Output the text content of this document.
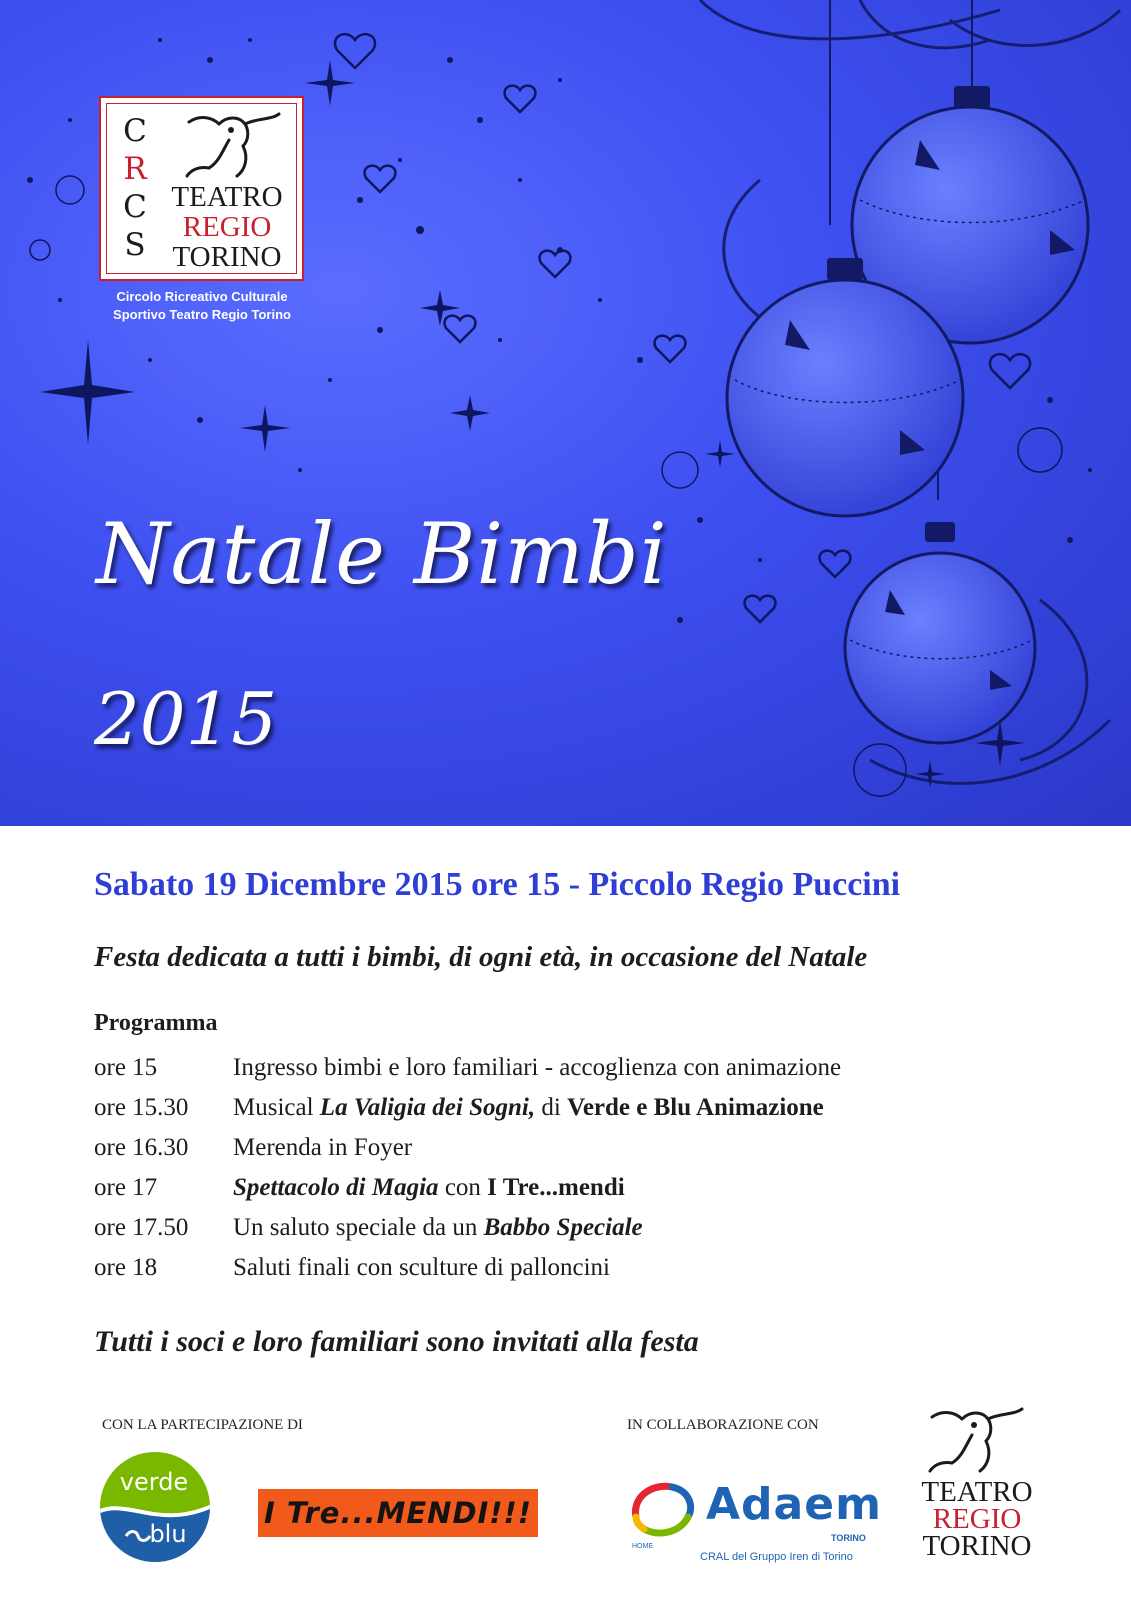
C
R
C
S
TEATRO
REGIO
TORINO
Circolo Ricreativo Culturale
Sportivo Teatro Regio Torino
Natale Bimbi
2015
Sabato 19 Dicembre 2015 ore 15 - Piccolo Regio Puccini
Festa dedicata a tutti i bimbi, di ogni età, in occasione del Natale
Programma
ore 15	Ingresso bimbi e loro familiari - accoglienza con animazione
ore 15.30	Musical La Valigia dei Sogni, di Verde e Blu Animazione
ore 16.30	Merenda in Foyer
ore 17	Spettacolo di Magia con I Tre...mendi
ore 17.50	Un saluto speciale da un Babbo Speciale
ore 18	Saluti finali con sculture di palloncini
Tutti i soci e loro familiari sono invitati alla festa
CON LA PARTECIPAZIONE DI	IN COLLABORAZIONE CON
verde
blu
I Tre...MENDI!!!	Adaem
TORINO
HOME
CRAL del Gruppo Iren di Torino
TEATRO
REGIO
TORINO
